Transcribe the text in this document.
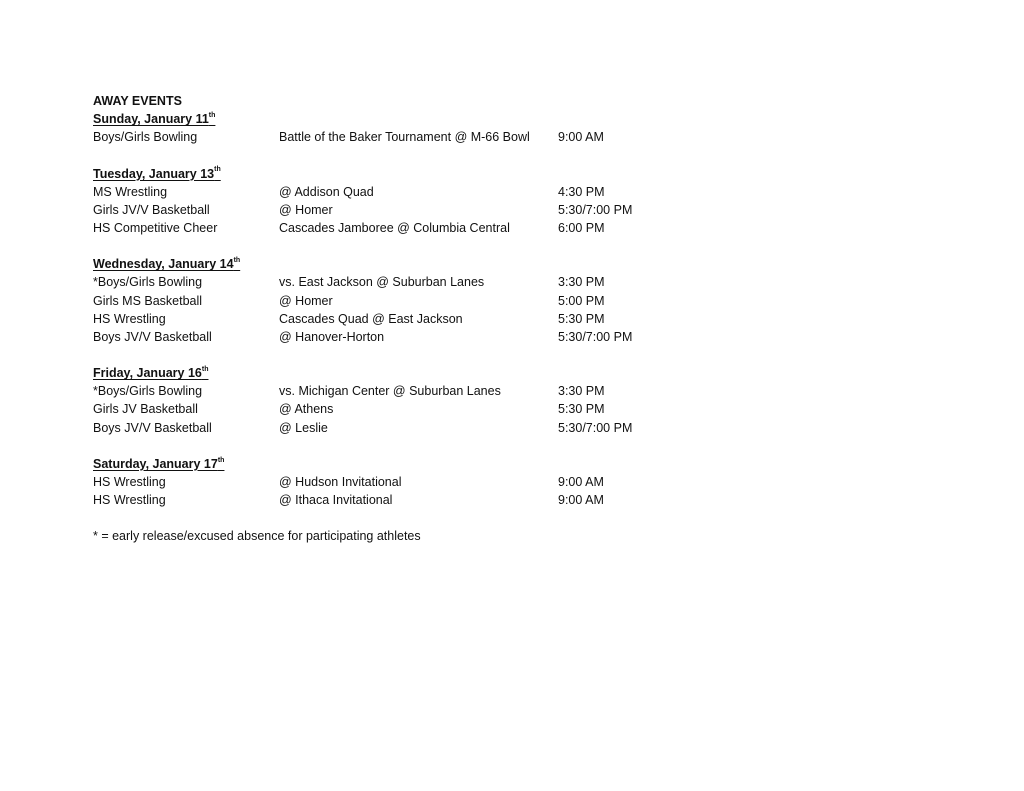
AWAY EVENTS
Sunday, January 11th
Boys/Girls Bowling	Battle of the Baker Tournament @ M-66 Bowl 9:00 AM
Tuesday, January 13th
MS Wrestling	@ Addison Quad	4:30 PM
Girls JV/V Basketball	@ Homer	5:30/7:00 PM
HS Competitive Cheer	Cascades Jamboree @ Columbia Central	6:00 PM
Wednesday, January 14th
*Boys/Girls Bowling	vs. East Jackson @ Suburban Lanes	3:30 PM
Girls MS Basketball	@ Homer	5:00 PM
HS Wrestling	Cascades Quad @ East Jackson	5:30 PM
Boys JV/V Basketball	@ Hanover-Horton	5:30/7:00 PM
Friday, January 16th
*Boys/Girls Bowling	vs. Michigan Center @ Suburban Lanes	3:30 PM
Girls JV Basketball	@ Athens	5:30 PM
Boys JV/V Basketball	@ Leslie	5:30/7:00 PM
Saturday, January 17th
HS Wrestling	@ Hudson Invitational	9:00 AM
HS Wrestling	@ Ithaca Invitational	9:00 AM
* = early release/excused absence for participating athletes
